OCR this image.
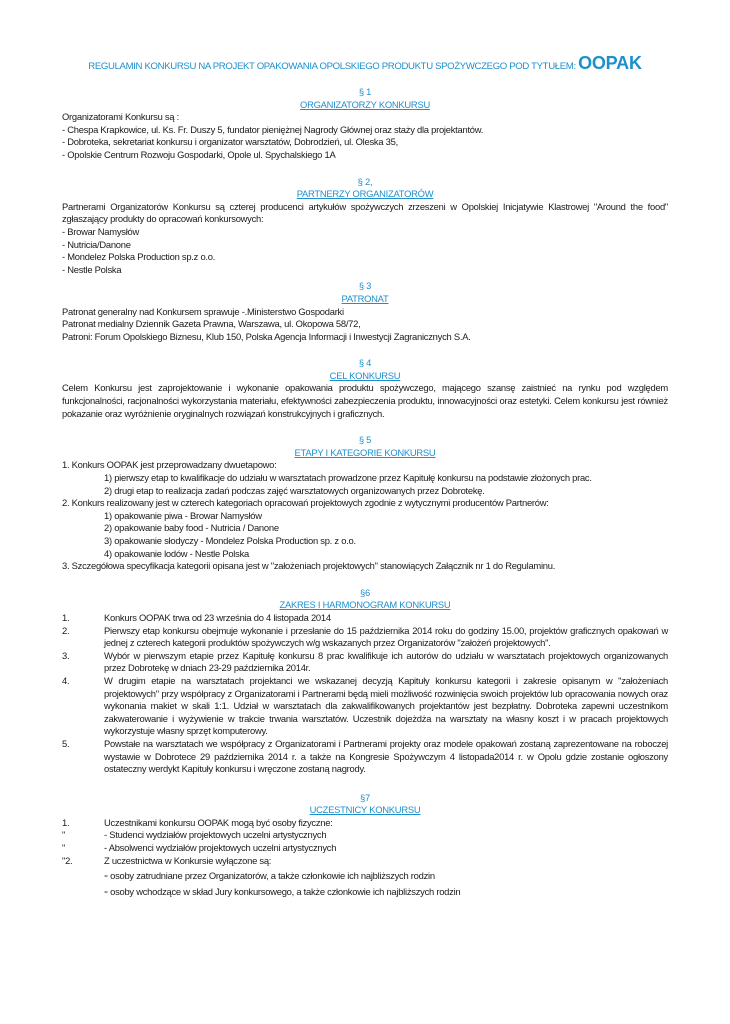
REGULAMIN KONKURSU NA PROJEKT OPAKOWANIA OPOLSKIEGO PRODUKTU SPOŻYWCZEGO POD TYTUŁEM: OOPAK
§ 1
ORGANIZATORZY KONKURSU

Organizatorami Konkursu są :

- Chespa Krapkowice, ul. Ks. Fr. Duszy 5, fundator pieniężnej Nagrody Głównej oraz staży dla projektantów.

- Dobroteka, sekretariat konkursu i organizator warsztatów, Dobrodzień, ul. Oleska 35,

- Opolskie Centrum Rozwoju Gospodarki, Opole ul. Spychalskiego 1A

§ 2,
PARTNERZY ORGANIZATORÓW

Partnerami Organizatorów Konkursu są czterej producenci artykułów spożywczych zrzeszeni w Opolskiej Inicjatywie Klastrowej "Around the food" zgłaszający produkty do opracowań konkursowych:

- Browar Namysłów

- Nutricia/Danone

- Mondelez Polska Production sp.z o.o.

- Nestle Polska

§ 3
PATRONAT

Patronat generalny nad Konkursem sprawuje -.Ministerstwo Gospodarki

Patronat medialny Dziennik Gazeta Prawna, Warszawa, ul. Okopowa 58/72,

Patroni: Forum Opolskiego Biznesu, Klub 150, Polska Agencja Informacji i Inwestycji Zagranicznych S.A.

§ 4
CEL KONKURSU

Celem Konkursu jest zaprojektowanie i wykonanie opakowania produktu spożywczego, mającego szansę zaistnieć na rynku pod względem funkcjonalności, racjonalności wykorzystania materiału, efektywności zabezpieczenia produktu, innowacyjności oraz estetyki. Celem konkursu jest również pokazanie oraz wyróżnienie oryginalnych rozwiązań konstrukcyjnych i graficznych.

§ 5
ETAPY I KATEGORIE KONKURSU

1. Konkurs OOPAK jest przeprowadzany dwuetapowo:

1) pierwszy etap to kwalifikacje do udziału w warsztatach prowadzone przez Kapitułę konkursu na podstawie złożonych prac.

2) drugi etap to realizacja zadań podczas zajęć warsztatowych organizowanych przez Dobrotekę.

2. Konkurs realizowany jest w czterech kategoriach opracowań projektowych zgodnie z wytycznymi producentów Partnerów:

1) opakowanie piwa - Browar Namysłów

2) opakowanie baby food - Nutricia / Danone

3) opakowanie słodyczy - Mondelez Polska Production sp. z o.o.

4) opakowanie lodów - Nestle Polska

3. Szczegółowa specyfikacja kategorii opisana jest w "założeniach projektowych" stanowiących Załącznik nr 1 do Regulaminu.

§6
ZAKRES I HARMONOGRAM KONKURSU
1.	Konkurs OOPAK trwa od 23 września do 4 listopada 2014
2.	Pierwszy etap konkursu obejmuje wykonanie i przesłanie do 15 października 2014 roku do godziny 15.00, projektów graficznych opakowań w jednej z czterech kategorii produktów spożywczych w/g wskazanych przez Organizatorów "założeń projektowych".
3.	Wybór w pierwszym etapie przez Kapitułę konkursu 8 prac kwalifikuje ich autorów do udziału w warsztatach projektowych organizowanych przez Dobrotekę w dniach 23-29 października 2014r.
4.	W drugim etapie na warsztatach projektanci we wskazanej decyzją Kapituły konkursu kategorii i zakresie opisanym w "założeniach projektowych" przy współpracy z Organizatorami i Partnerami będą mieli możliwość rozwinięcia swoich projektów lub opracowania nowych oraz wykonania makiet w skali 1:1. Udział w warsztatach dla zakwalifikowanych projektantów jest bezpłatny. Dobroteka zapewni uczestnikom zakwaterowanie i wyżywienie w trakcie trwania warsztatów. Uczestnik dojeżdża na warsztaty na własny koszt i w pracach projektowych wykorzystuje własny sprzęt komputerowy.
5.	Powstałe na warsztatach we współpracy z Organizatorami i Partnerami projekty oraz modele opakowań zostaną zaprezentowane na roboczej wystawie w Dobrotece 29 października 2014 r. a także na Kongresie Spożywczym 4 listopada2014 r. w Opolu gdzie zostanie ogłoszony ostateczny werdykt Kapituły konkursu i wręczone zostaną nagrody.
§7
UCZESTNICY KONKURSU
1.	Uczestnikami konkursu OOPAK mogą być osoby fizyczne:
"	- Studenci wydziałów projektowych uczelni artystycznych
"	- Absolwenci wydziałów projektowych uczelni artystycznych
"2.	Z uczestnictwa w Konkursie wyłączone są:

- osoby zatrudniane przez Organizatorów, a także członkowie ich najbliższych rodzin

- osoby wchodzące w skład Jury konkursowego, a także członkowie ich najbliższych rodzin
